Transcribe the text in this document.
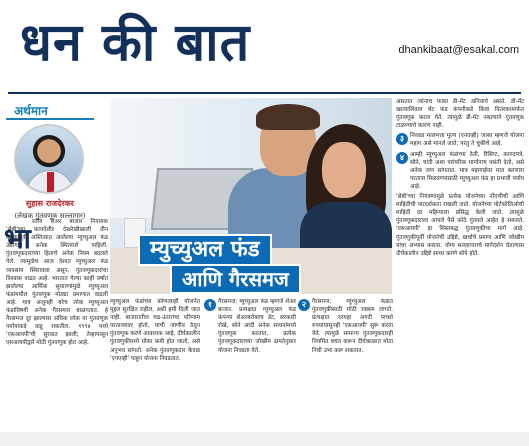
धन की बात	dhankibaat@esakal.com
अर्थमान
सुहास राजदेरकर
(लेखक गुंतवणूक सल्लागार)
भा रतीय शेअर बाजार नियामक 'सेबी'च्या कायदेशीर देखरेखीखाली तीन दशकांपूर्वी अस्तित्वात आलेल्या म्युच्युअल फंड उद्योगाने अनेक स्थित्यंतरे पाहिली. गुंतवणूकदारांच्या हिताचे अनेक नियम बदलले गेले. त्यामुळेच आज देशात म्युच्युअल फंड व्यवसाय स्थिरावला असून, गुंतवणूकदारांचा विश्वास वाढत आहे. भारतात गेल्या काही वर्षांत झालेल्या आर्थिक सुधारणांमुळे म्युच्युअल फंडांमधील गुंतवणूक मोठ्या प्रमाणात वाढली आहे. मात्र अजूनही बरेच लोक म्युच्युअल फंडांविषयी अनेक गैरसमज बाळगतात. हे गैरसमज दूर झाल्यास अधिक लोक या गुंतवणूक पर्यायाकडे वळू शकतील. १९९४ मध्ये 'एसआयपी'ची सुरवात झाली; तेव्हापासून एसआयपीद्वारे मोठी गुंतवणूक होत आहे.

म्युच्युअल फंड
आणि गैरसमज

म्युच्युअल फंडांच्या कोणत्याही योजनेत मुद्दल सुरक्षित राहील, अशी हमी दिली जात नाही. बाजारातील चढ-उतारांचा परिणाम परताव्यावर होतो, याची जाणीव ठेवून गुंतवणूक करणे आवश्यक आहे. दीर्घकालीन गुंतवणुकीमध्ये धोका कमी होत जातो, असे अनुभव सांगतो. अनेक गुंतवणूकदार केवळ 'एनएव्ही' पाहून योजना निवडतात.

१	गैरसमज: म्युच्युअल फंड म्हणजे शेअर बाजार. प्रत्यक्षात म्युच्युअल फंड कंपन्या शेअरबरोबरच डेट, सरकारी रोखे, सोने आदी अनेक साधनांमध्ये गुंतवणूक करतात. प्रत्येक गुंतवणूकदाराच्या जोखीम क्षमतेनुसार योजना निवडता येते.

२	गैरसमज: म्युच्युअल फंडात गुंतवणुकीसाठी मोठी रक्कम लागते. प्रत्यक्षात दरमहा अगदी पाचशे रुपयांपासूनही 'एसआयपी' सुरू करता येते. त्यामुळे सामान्य गुंतवणूकदारही नियमित बचत करून दीर्घकाळात मोठा निधी उभा करू शकतात.

असतात त्यांनाच फक्त डी-मॅट अनिवार्य असते. डी-मॅट खात्याशिवाय थेट फंड कंपनीकडे किंवा वितरकामार्फत गुंतवणूक करता येते. त्यामुळे डी-मॅट नसल्याने गुंतवणूक टाळण्याचे कारण नाही.

३	निव्वळ मालमत्ता मूल्य (एनएव्ही) जास्त म्हणजे योजना महाग असे मानले जाते; परंतु ते चुकीचे आहे.

४	आम्ही म्युच्युअल फंडांच्या ठेवी, रिसिप्ट, कागदपत्रे, सोने, चांदी अशा पारंपरिक मार्गांनाच पसंती देतो, असे अनेक जण सांगतात. मात्र महागाईवर मात करणारा परतावा मिळवण्यासाठी म्युच्युअल फंड हा प्रभावी पर्याय आहे.

'सेबी'च्या नियंत्रणामुळे प्रत्येक योजनेच्या नोंदणीची आणि माहितीची पारदर्शकता राखली जाते. योजनेच्या पोर्टफोलिओची माहिती दर महिन्याला प्रसिद्ध केली जाते. त्यामुळे गुंतवणूकदाराला आपले पैसे कोठे गुंतवले आहेत हे समजते. 'एसआयपी' हा शिस्तबद्ध गुंतवणुकीचा मार्ग आहे. गुंतवणुकीपूर्वी योजनेची उद्दिष्टे, खर्चाचे प्रमाण आणि जोखीम यांचा अभ्यास करावा. योग्य सल्लागाराचे मार्गदर्शन घेतल्यास दीर्घकालीन उद्दिष्टे साध्य करणे सोपे होते.
